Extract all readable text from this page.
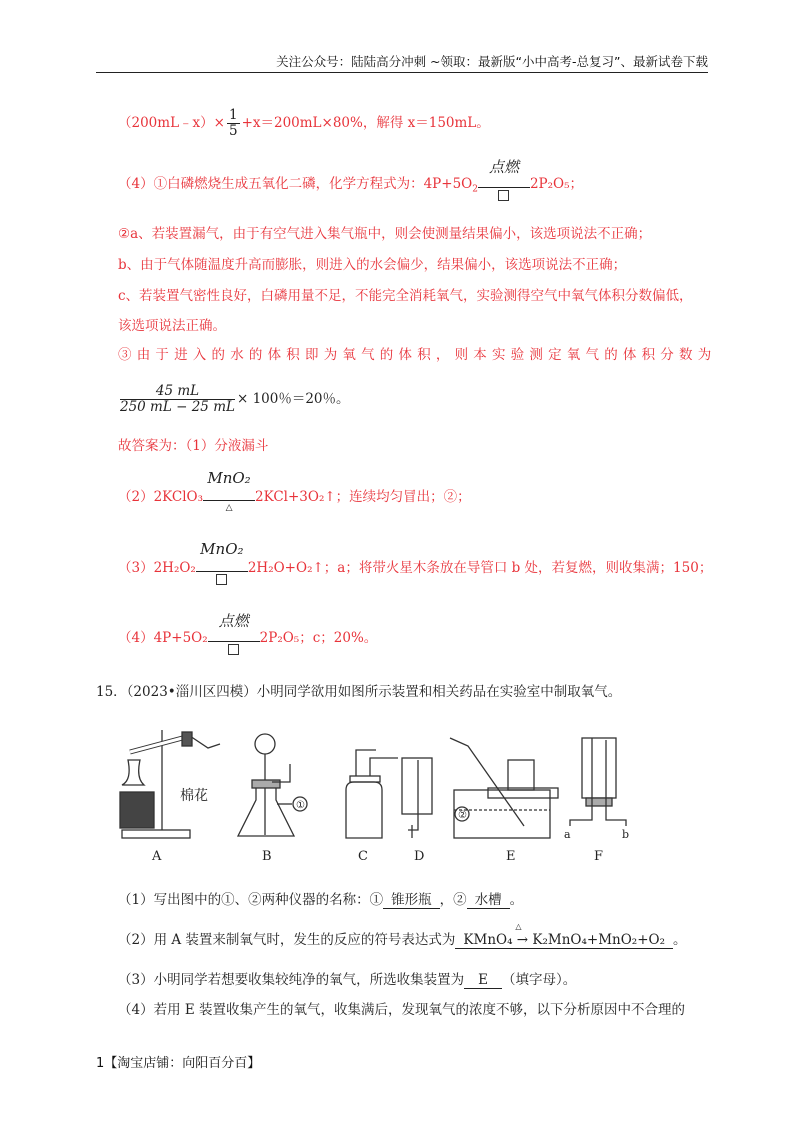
关注公众号：陆陆高分冲刺 ~领取：最新版“小中高考-总复习”、最新试卷下载
（200mL﹣x）× $\frac{1}{5} +x=200mL\times 80\%$，解得 x＝150mL。
（4）①白磷燃烧生成五氧化二磷，化学方程式为：$4P+5O_2$
点燃
2P₂O₅；
②a、若装置漏气，由于有空气进入集气瓶中，则会使测量结果偏小，该选项说法不正确；
b、由于气体随温度升高而膨胀，则进入的水会偏少，结果偏小，该选项说法不正确；
c、若装置气密性良好，白磷用量不足，不能完全消耗氧气，实验测得空气中氧气体积分数偏低，
该选项说法正确。
③由于进入的水的体积即为氧气的体积，则本实验测定氧气的体积分数为
$\frac{45 mL}{250 mL - 25 mL} \times 100$％＝20％。
故答案为：（1）分液漏斗
（2）2KClO₃
MnO₂
△
2KCl+3O₂↑；连续均匀冒出；②；
（3）2H₂O₂
MnO₂
2H₂O+O₂↑；a；将带火星木条放在导管口 b 处，若复燃，则收集满；150；
（4）4P+5O₂
点燃
2P₂O₅；c；20%。
15．（2023•淄川区四模）小明同学欲用如图所示装置和相关药品在实验室中制取氧气。
棉花
A	B	C	D	E	F
①
②
a	b
（1）写出图中的①、②两种仪器的名称：① 锥形瓶 ，② 水槽 。
（2）用 A 装置来制氧气时，发生的反应的符号表达式为
△
KMnO₄ → K₂MnO₄+MnO₂+O₂ 。
（3）小明同学若想要收集较纯净的氧气，所选收集装置为 E （填字母）。
（4）若用 E 装置收集产生的氧气，收集满后，发现氧气的浓度不够，以下分析原因中不合理的
1【淘宝店铺：向阳百分百】
